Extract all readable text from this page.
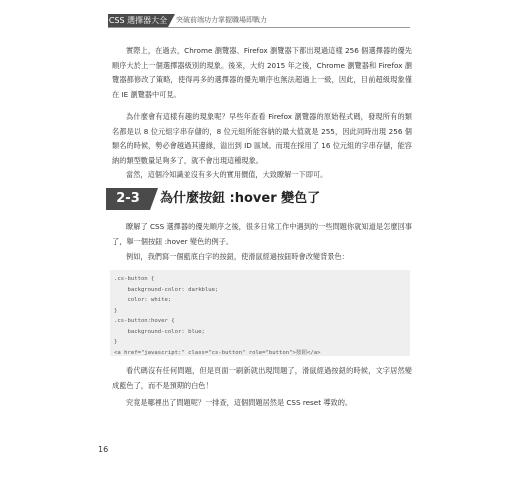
CSS 選擇器大全 突破前端功力掌握職場即戰力

實際上，在過去，Chrome 瀏覽器、Firefox 瀏覽器下都出現過這樣 256 個選擇器的優先順序大於上一個選擇器級別的現象。後來，大約 2015 年之後，Chrome 瀏覽器和 Firefox 瀏覽器都修改了策略，使得再多的選擇器的優先順序也無法超過上一級，因此，目前超級現象僅在 IE 瀏覽器中可見。

為什麼會有這樣有趣的現象呢？早些年查看 Firefox 瀏覽器的原始程式碼，發現所有的類名都是以 8 位元組字串存儲的，8 位元組所能容納的最大值就是 255，因此同時出現 256 個類名的時候，勢必會越過其邊緣，溢出到 ID 區域。而現在採用了 16 位元組的字串存儲，能容納的類型數量足夠多了，就不會出現這種現象。

當然，這個冷知識並沒有多大的實用價值，大致瞭解一下即可。

2-3	為什麼按鈕 :hover 變色了

瞭解了 CSS 選擇器的優先順序之後，很多日常工作中遇到的一些問題你就知道是怎麼回事了，舉一個按鈕 :hover 變色的例子。

例如，我們寫一個藍底白字的按鈕，使滑鼠經過按鈕時會改變背景色：

.cs-button {
background-color: darkblue;
color: white;
}
.cs-button:hover {
background-color: blue;
}
<a href="javascript:" class="cs-button" role="button">按鈕</a>

看代碼沒有任何問題，但是頁面一刷新就出現問題了，滑鼠經過按鈕的時候，文字居然變成藍色了，而不是預期的白色！

究竟是哪裡出了問題呢？一排查，這個問題居然是 CSS reset 導致的。

16
